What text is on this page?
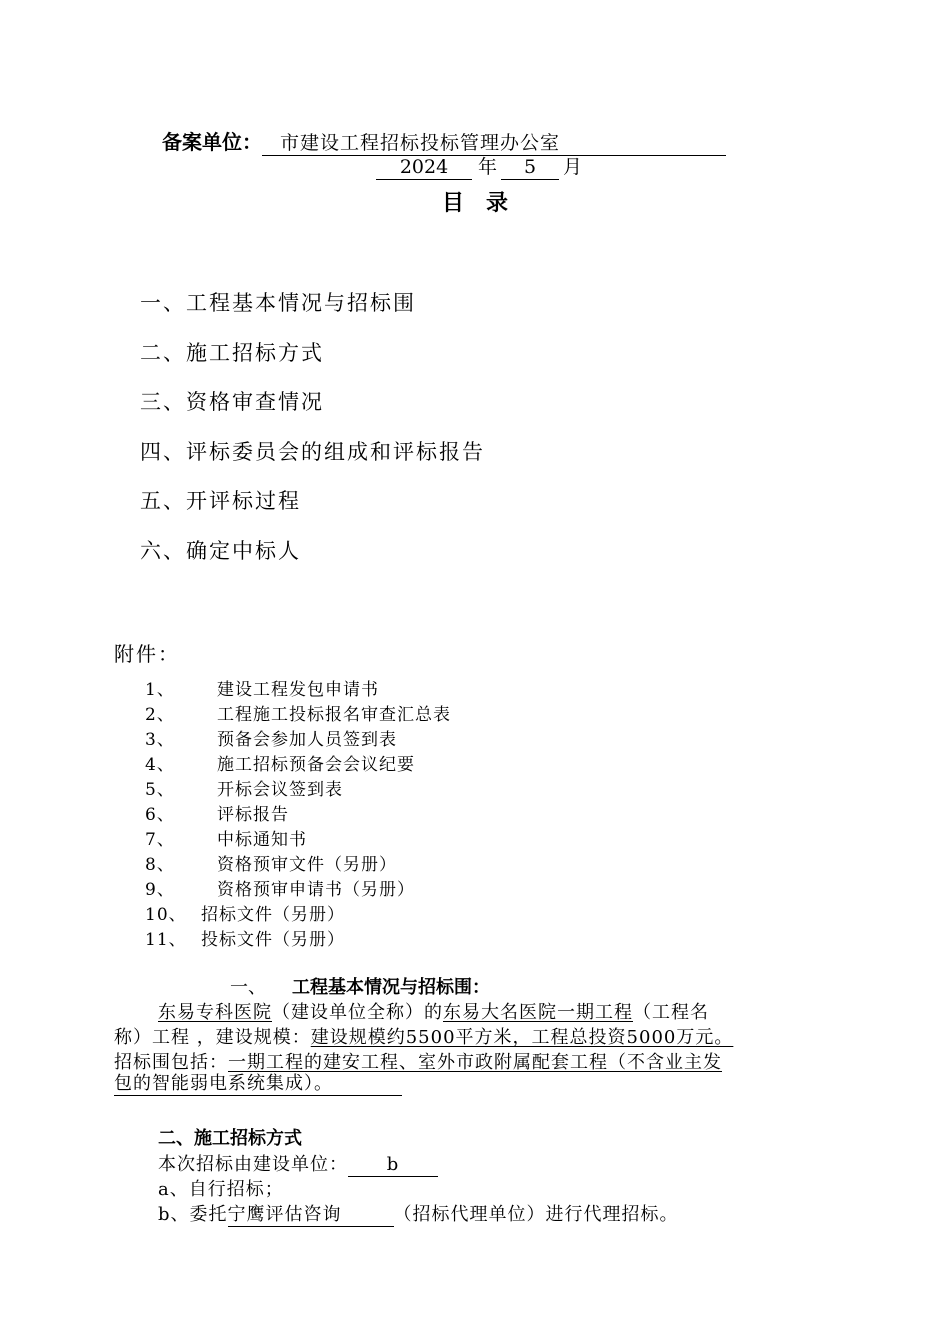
备案单位： 市建设工程招标投标管理办公室
2024 年 5 月
目　录
一、工程基本情况与招标围
二、施工招标方式
三、资格审查情况
四、评标委员会的组成和评标报告
五、开评标过程
六、确定中标人
附件：
1、 建设工程发包申请书
2、 工程施工投标报名审查汇总表
3、 预备会参加人员签到表
4、 施工招标预备会会议纪要
5、 开标会议签到表
6、 评标报告
7、 中标通知书
8、 资格预审文件（另册）
9、 资格预审申请书（另册）
10、 招标文件（另册）
11、 投标文件（另册）
一、 工程基本情况与招标围：
东易专科医院（建设单位全称）的东易大名医院一期工程（工程名
称）工程 ，建设规模：建设规模约5500平方米，工程总投资5000万元。
招标围包括：一期工程的建安工程、室外市政附属配套工程（不含业主发
包的智能弱电系统集成）。
二、施工招标方式
本次招标由建设单位： b
a、自行招标；
b、委托宁鹰评估咨询	（招标代理单位）进行代理招标。
